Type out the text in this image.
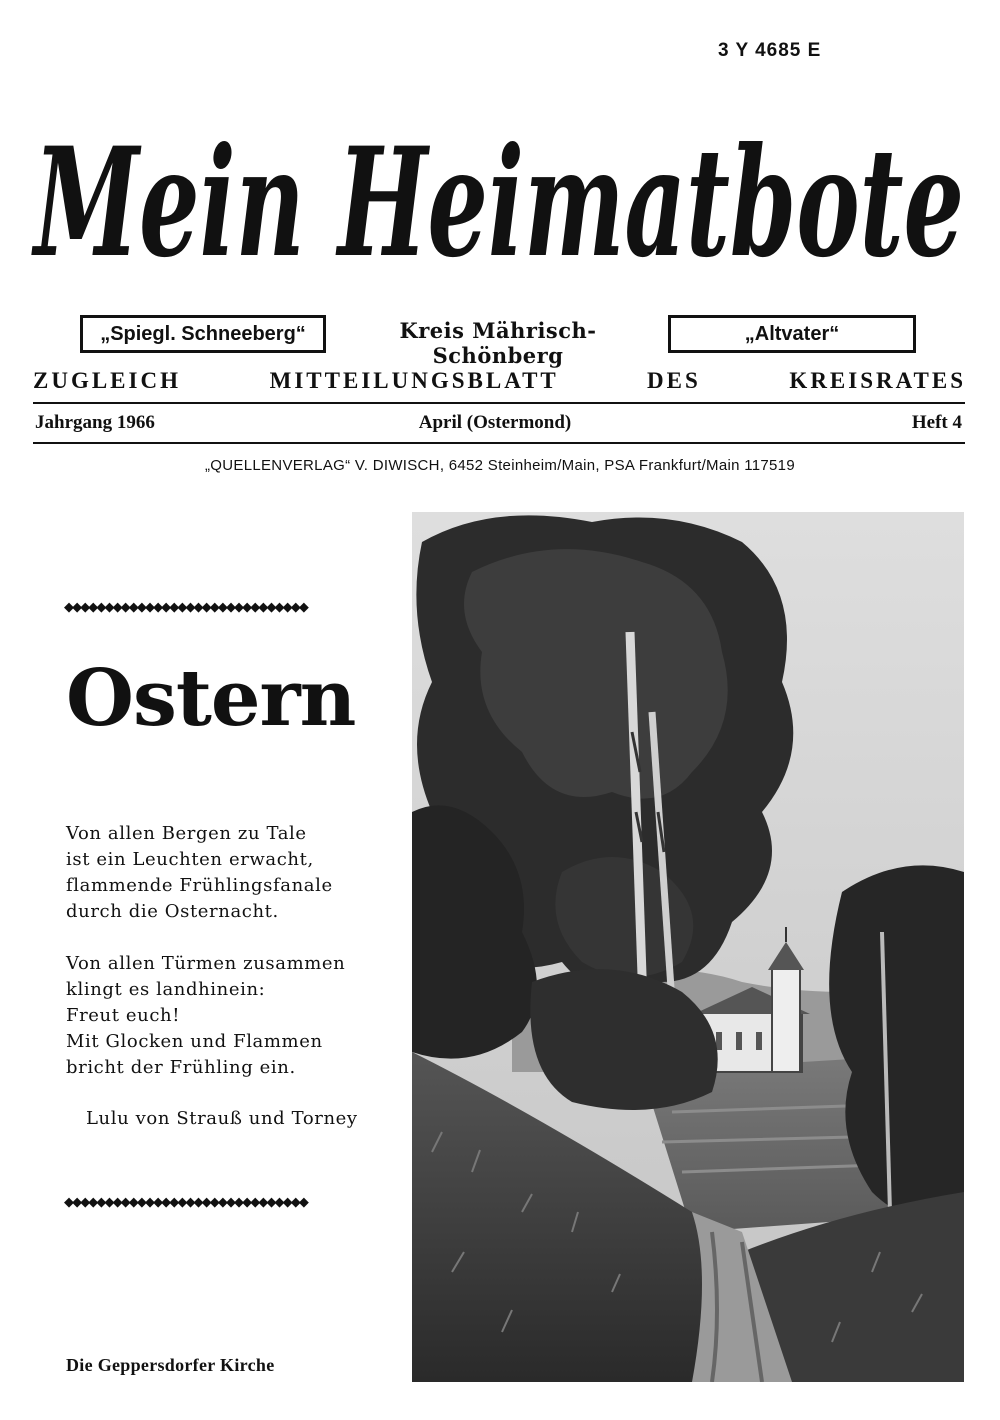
3 Y 4685 E
Mein Heimatbote
„Spiegl. Schneeberg“	Kreis Mährisch-Schönberg
„Altvater“
ZUGLEICH MITTEILUNGSBLATT DES KREISRATES
Jahrgang 1966	April (Ostermond)	Heft 4
„QUELLENVERLAG“ V. DIWISCH, 6452 Steinheim/Main, PSA Frankfurt/Main 117519
◆◆◆◆◆◆◆◆◆◆◆◆◆◆◆◆◆◆◆◆◆◆◆◆◆◆◆◆◆◆
Ostern
Von allen Bergen zu Tale
ist ein Leuchten erwacht,
flammende Frühlingsfanale
durch die Osternacht.
Von allen Türmen zusammen
klingt es landhinein:
Freut euch!
Mit Glocken und Flammen
bricht der Frühling ein.
Lulu von Strauß und Torney
◆◆◆◆◆◆◆◆◆◆◆◆◆◆◆◆◆◆◆◆◆◆◆◆◆◆◆◆◆◆
Die Geppersdorfer Kirche
